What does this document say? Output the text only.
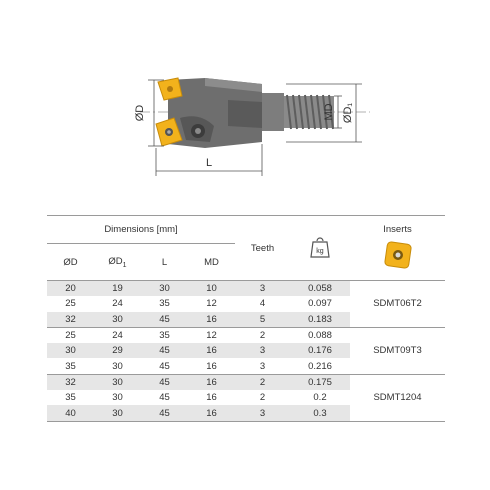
ØD	MD ØD₁
L
Dimensions [mm]				Teeth	kg	Inserts

ØD	$ØD_1$	L	MD			
20	19	30	10	3	0.058	SDMT06T2
25	24	35	12	4	0.097	
32	30	45	16	5	0.183	
25	24	35	12	2	0.088	SDMT09T3
30	29	45	16	3	0.176	
35	30	45	16	3	0.216	
32	30	45	16	2	0.175	SDMT1204
35	30	45	16	2	0.2	
40	30	45	16	3	0.3	
